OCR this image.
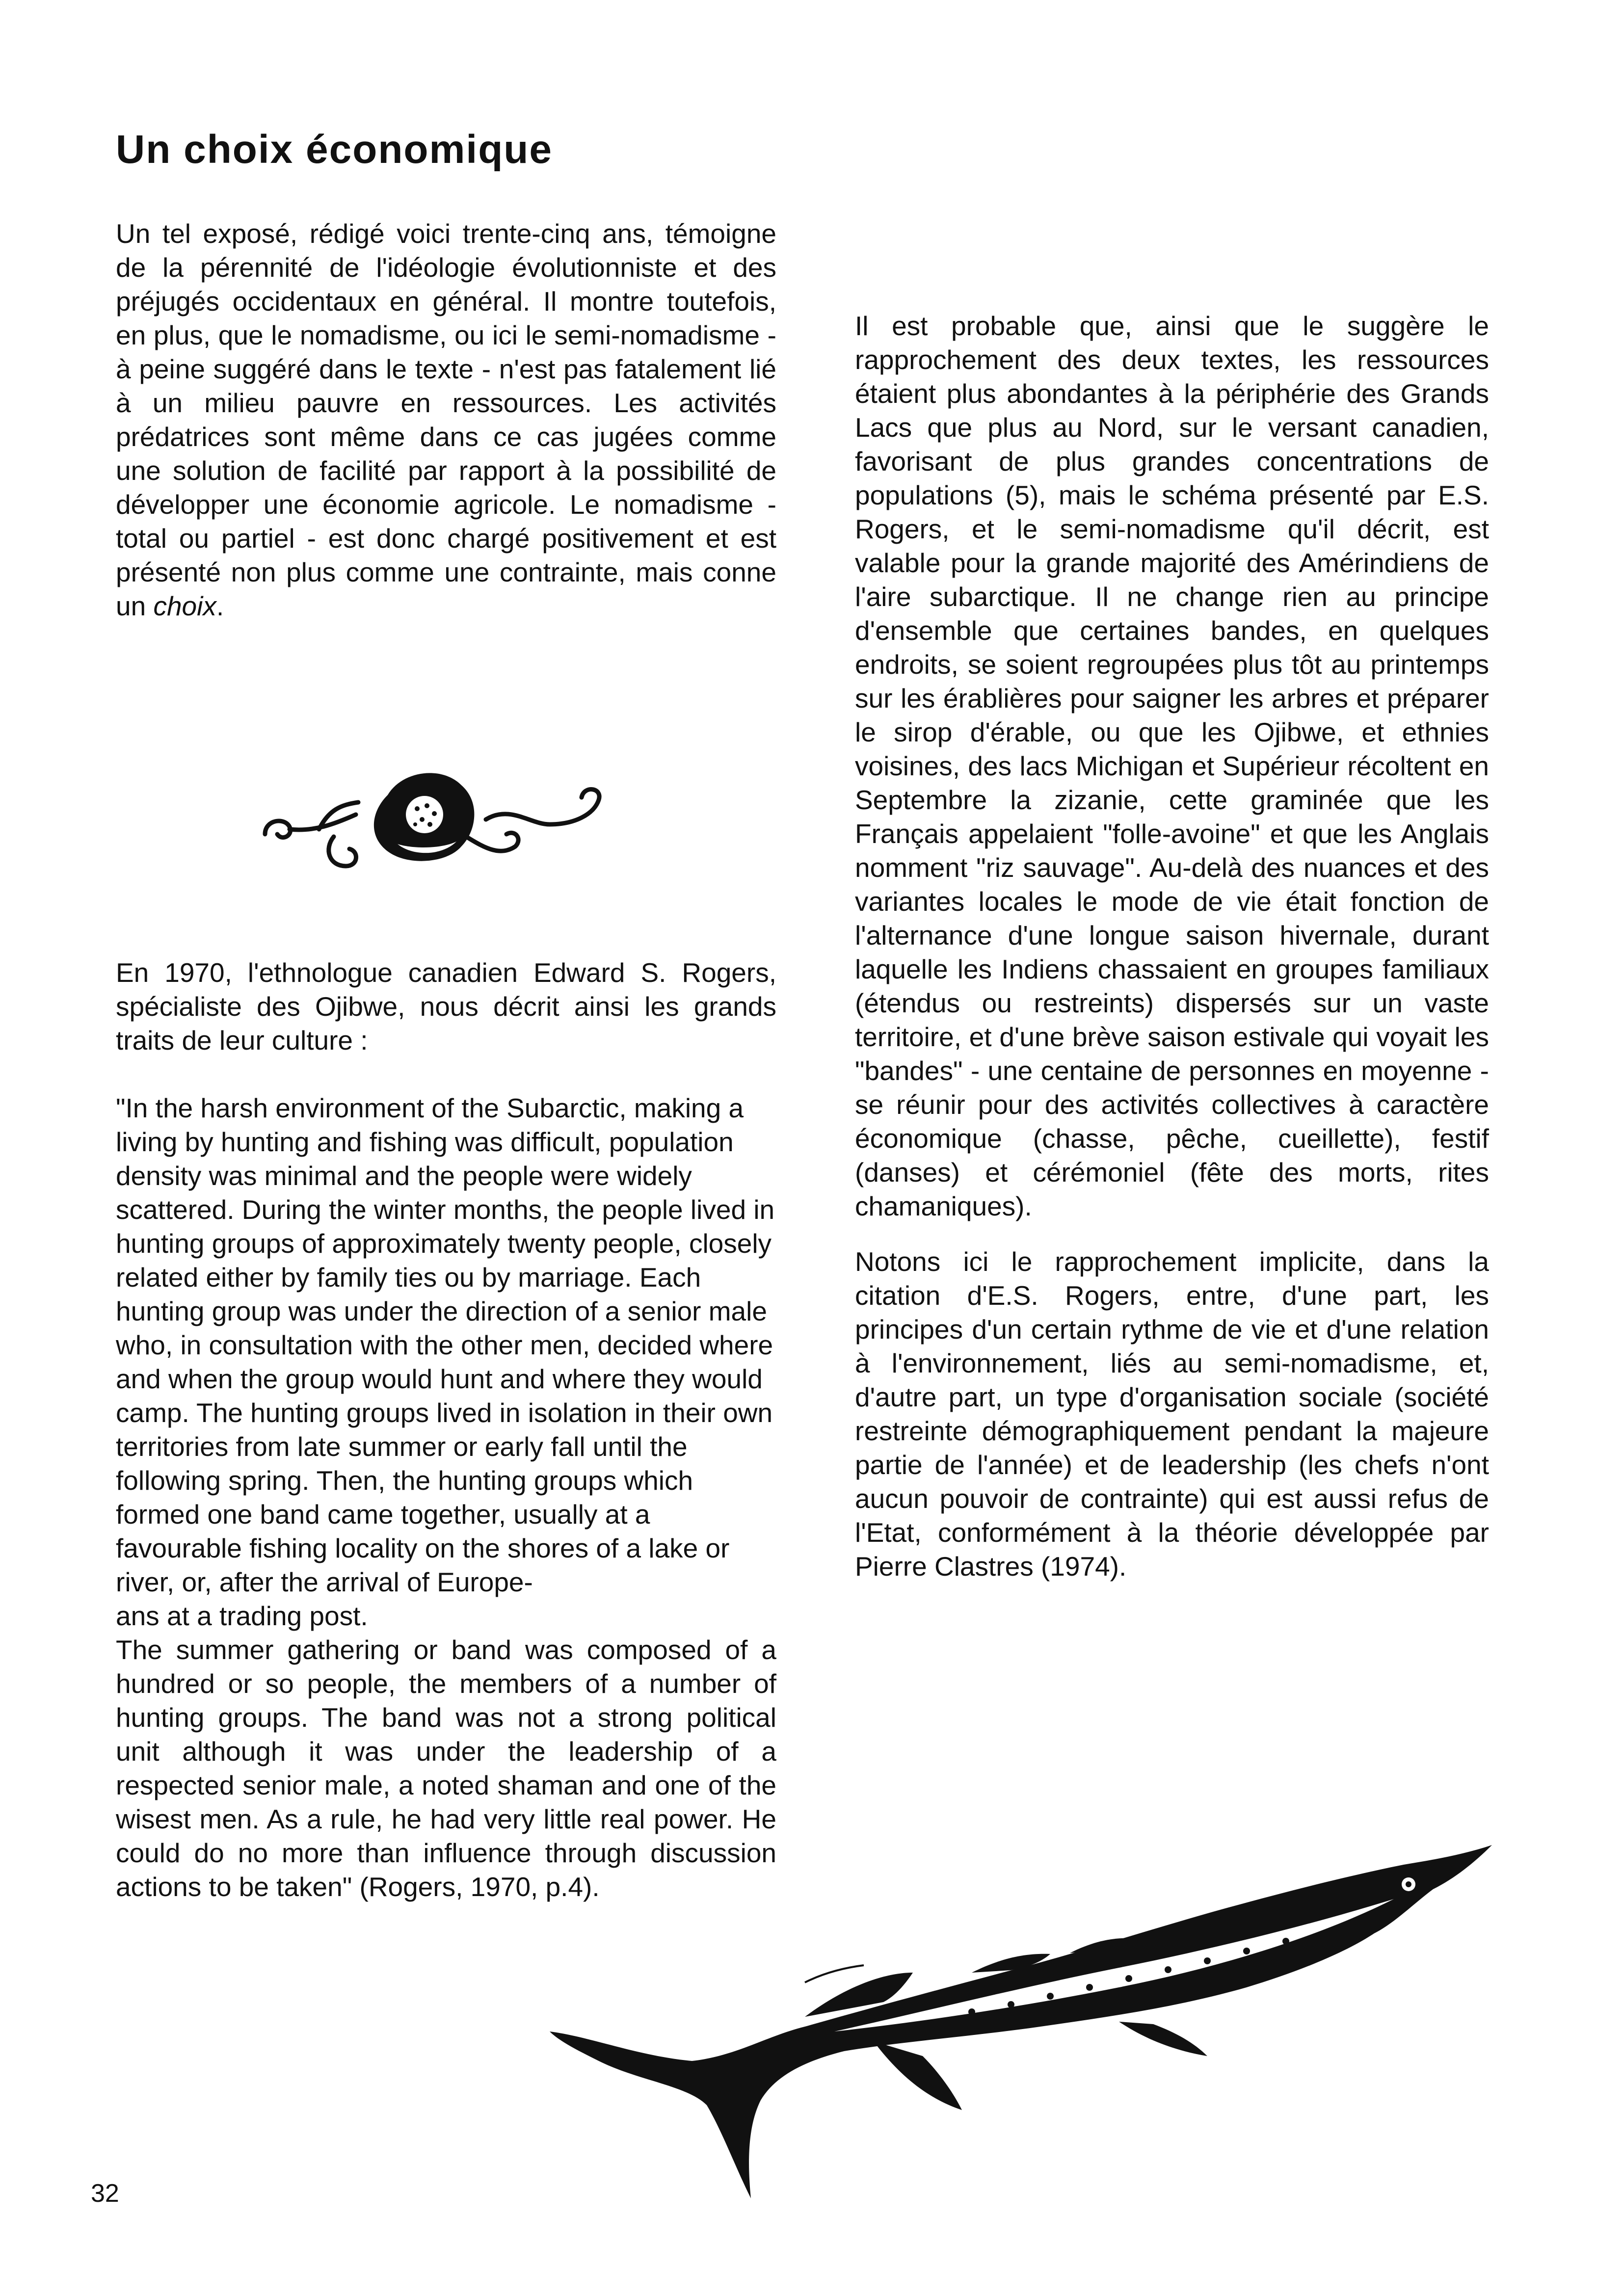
Un choix économique

Un tel exposé, rédigé voici trente-cinq ans, témoigne de la pérennité de l'idéologie évolutionniste et des préjugés occidentaux en général. Il montre toutefois, en plus, que le nomadisme, ou ici le semi-nomadisme - à peine suggéré dans le texte - n'est pas fatalement lié à un milieu pauvre en ressources. Les activités prédatrices sont même dans ce cas jugées comme une solution de facilité par rapport à la possibilité de développer une économie agricole. Le nomadisme - total ou partiel - est donc chargé positivement et est présenté non plus comme une contrainte, mais conne un choix.

En 1970, l'ethnologue canadien Edward S. Rogers, spécialiste des Ojibwe, nous décrit ainsi les grands traits de leur culture :

"In the harsh environment of the Subarctic, making a living by hunting and fishing was difficult, population density was minimal and the people were widely scattered. During the winter months, the people lived in hunting groups of approximately twenty people, closely related either by family ties ou by marriage. Each hunting group was under the direction of a senior male who, in consultation with the other men, decided where and when the group would hunt and where they would camp. The hunting groups lived in isolation in their own territories from late summer or early fall until the following spring. Then, the hunting groups which formed one band came together, usually at a favourable fishing locality on the shores of a lake or river, or, after the arrival of Europe-
ans at a trading post.

The summer gathering or band was composed of a hundred or so people, the members of a number of hunting groups. The band was not a strong political unit although it was under the leadership of a respected senior male, a noted shaman and one of the wisest men. As a rule, he had very little real power. He could do no more than influence through discussion actions to be taken" (Rogers, 1970, p.4).

Il est probable que, ainsi que le suggère le rapprochement des deux textes, les ressources étaient plus abondantes à la périphérie des Grands Lacs que plus au Nord, sur le versant canadien, favorisant de plus grandes concentrations de populations (5), mais le schéma présenté par E.S. Rogers, et le semi-nomadisme qu'il décrit, est valable pour la grande majorité des Amérindiens de l'aire subarctique. Il ne change rien au principe d'ensemble que certaines bandes, en quelques endroits, se soient regroupées plus tôt au printemps sur les érablières pour saigner les arbres et préparer le sirop d'érable, ou que les Ojibwe, et ethnies voisines, des lacs Michigan et Supérieur récoltent en Septembre la zizanie, cette graminée que les Français appelaient "folle-avoine" et que les Anglais nomment "riz sauvage". Au-delà des nuances et des variantes locales le mode de vie était fonction de l'alternance d'une longue saison hivernale, durant laquelle les Indiens chassaient en groupes familiaux (étendus ou restreints) dispersés sur un vaste territoire, et d'une brève saison estivale qui voyait les "bandes" - une centaine de personnes en moyenne - se réunir pour des activités collectives à caractère économique (chasse, pêche, cueillette), festif (danses) et cérémoniel (fête des morts, rites chamaniques).

Notons ici le rapprochement implicite, dans la citation d'E.S. Rogers, entre, d'une part, les principes d'un certain rythme de vie et d'une relation à l'environnement, liés au semi-nomadisme, et, d'autre part, un type d'organisation sociale (société restreinte démographiquement pendant la majeure partie de l'année) et de leadership (les chefs n'ont aucun pouvoir de contrainte) qui est aussi refus de l'Etat, conformément à la théorie développée par Pierre Clastres (1974).

32
